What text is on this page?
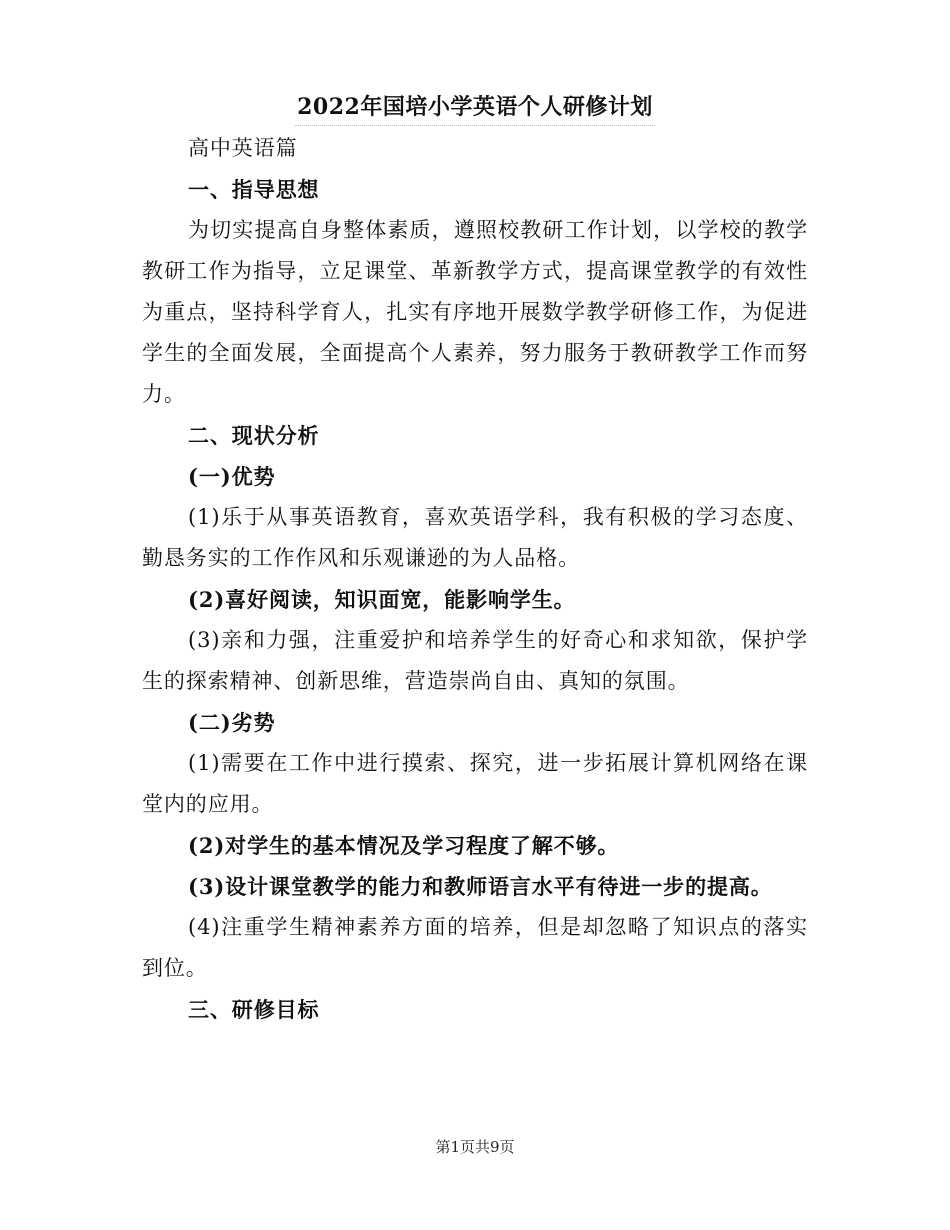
2022年国培小学英语个人研修计划

高中英语篇

一、指导思想

为切实提高自身整体素质，遵照校教研工作计划，以学校的教学教研工作为指导，立足课堂、革新教学方式，提高课堂教学的有效性为重点，坚持科学育人，扎实有序地开展数学教学研修工作，为促进学生的全面发展，全面提高个人素养，努力服务于教研教学工作而努力。

二、现状分析

(一)优势

(1)乐于从事英语教育，喜欢英语学科，我有积极的学习态度、勤恳务实的工作作风和乐观谦逊的为人品格。

(2)喜好阅读，知识面宽，能影响学生。

(3)亲和力强，注重爱护和培养学生的好奇心和求知欲，保护学生的探索精神、创新思维，营造崇尚自由、真知的氛围。

(二)劣势

(1)需要在工作中进行摸索、探究，进一步拓展计算机网络在课堂内的应用。

(2)对学生的基本情况及学习程度了解不够。

(3)设计课堂教学的能力和教师语言水平有待进一步的提高。

(4)注重学生精神素养方面的培养，但是却忽略了知识点的落实到位。

三、研修目标

第1页共9页
